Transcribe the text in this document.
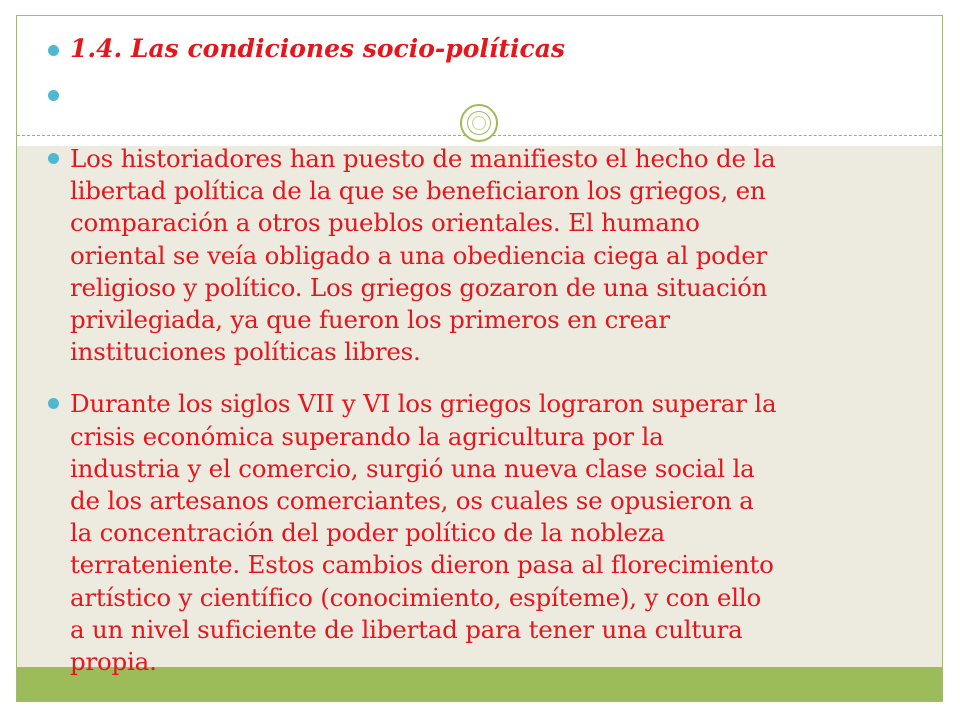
1.4. Las condiciones socio-políticas
Los historiadores han puesto de manifiesto el hecho de la
libertad política de la que se beneficiaron los griegos, en
comparación a otros pueblos orientales. El humano
oriental se veía obligado a una obediencia ciega al poder
religioso y político. Los griegos gozaron de una situación
privilegiada, ya que fueron los primeros en crear
instituciones políticas libres.
Durante los siglos VII y VI los griegos lograron superar la
crisis económica superando la agricultura por la
industria y el comercio, surgió una nueva clase social la
de los artesanos comerciantes, os cuales se opusieron a
la concentración del poder político de la nobleza
terrateniente. Estos cambios dieron pasa al florecimiento
artístico y científico (conocimiento, espíteme), y con ello
a un nivel suficiente de libertad para tener una cultura
propia.
